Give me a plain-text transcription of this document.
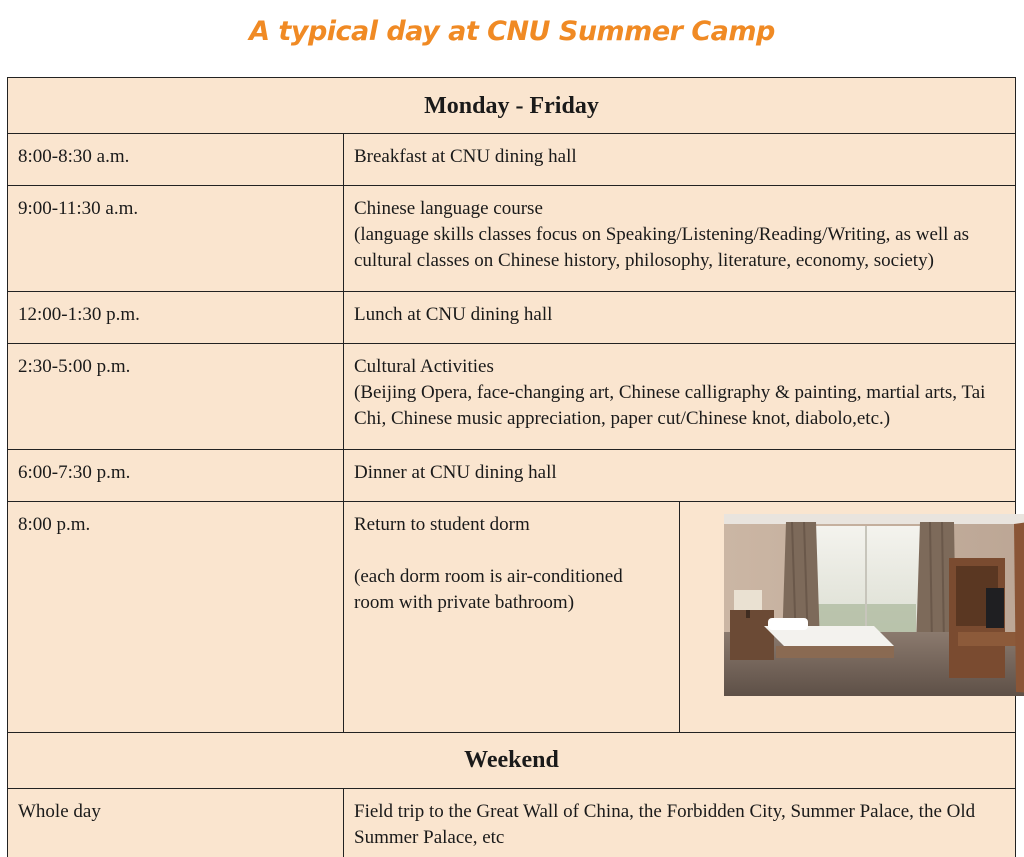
A typical day at CNU Summer Camp
Monday - Friday		
8:00-8:30 a.m.	Breakfast at CNU dining hall	

9:00-11:30 a.m.	Chinese language course
(language skills classes focus on Speaking/Listening/Reading/Writing, as well as cultural classes on Chinese history, philosophy, literature, economy, society)	

12:00-1:30 p.m.	Lunch at CNU dining hall	

2:30-5:00 p.m.	Cultural Activities
(Beijing Opera, face-changing art, Chinese calligraphy & painting, martial arts, Tai Chi, Chinese music appreciation, paper cut/Chinese knot, diabolo,etc.)	

6:00-7:30 p.m.	Dinner at CNU dining hall	

8:00 p.m.	Return to student dorm
(each dorm room is air-conditioned
room with private bathroom)

Weekend		
Whole day	Field trip to the Great Wall of China, the Forbidden City, Summer Palace, the Old Summer Palace, etc	
